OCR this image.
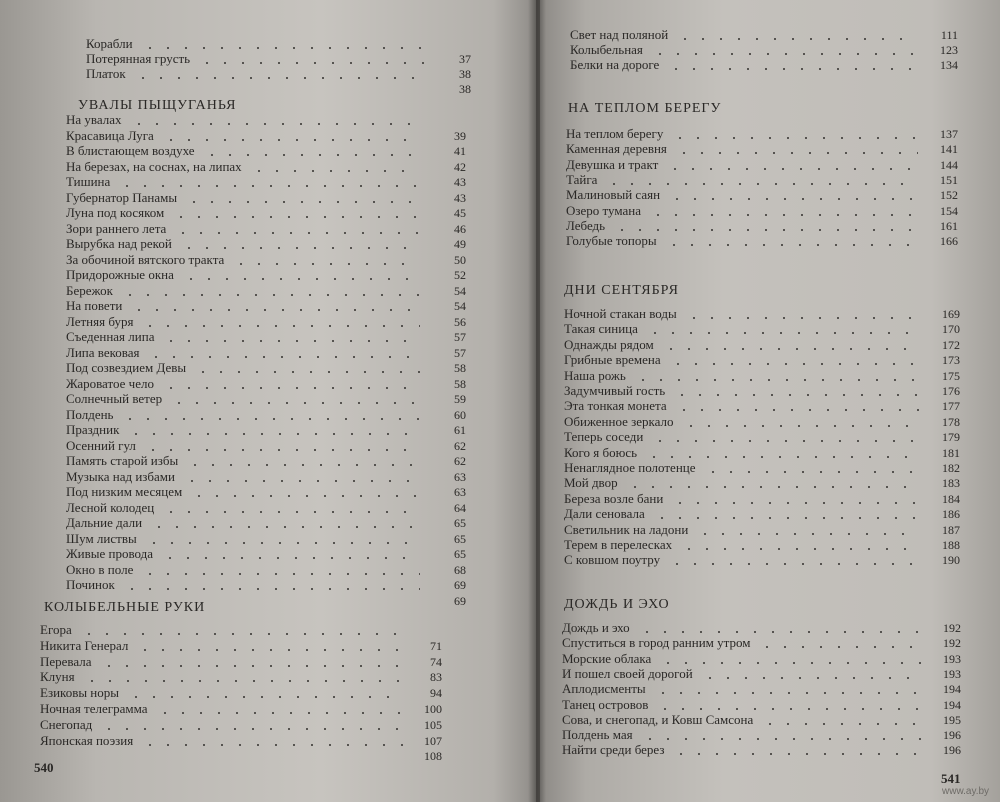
Корабли
Потерянная грусть	37
Платок	38
38
УВАЛЫ ПЫЩУГАНЬЯ
На увалах
Красавица Луга	39
В блистающем воздухе	41
На березах, на соснах, на липах	42
Тишина	43
Губернатор Панамы	43
Луна под косяком	45
Зори раннего лета	46
Вырубка над рекой	49
За обочиной вятского тракта	50
Придорожные окна	52
Бережок	54
На повети	54
Летняя буря	56
Съеденная липа	57
Липа вековая	57
Под созвездием Девы	58
Жароватое чело	58
Солнечный ветер	59
Полдень	60
Праздник	61
Осенний гул	62
Память старой избы	62
Музыка над избами	63
Под низким месяцем	63
Лесной колодец	64
Дальние дали	65
Шум листвы	65
Живые провода	65
Окно в поле	68
Починок	69
69
КОЛЫБЕЛЬНЫЕ РУКИ
Егора
Никита Генерал	71
Перевала	74
Клуня	83
Езиковы норы	94
Ночная телеграмма	100
Снегопад	105
Японская поэзия	107
108
540
Свет над поляной	111
Колыбельная	123
Белки на дороге	134
НА ТЕПЛОМ БЕРЕГУ
На теплом берегу	137
Каменная деревня	141
Девушка и тракт	144
Тайга	151
Малиновый саян	152
Озеро тумана	154
Лебедь	161
Голубые топоры	166
ДНИ СЕНТЯБРЯ
Ночной стакан воды	169
Такая синица	170
Однажды рядом	172
Грибные времена	173
Наша рожь	175
Задумчивый гость	176
Эта тонкая монета	177
Обиженное зеркало	178
Теперь соседи	179
Кого я боюсь	181
Ненаглядное полотенце	182
Мой двор	183
Береза возле бани	184
Дали сеновала	186
Светильник на ладони	187
Терем в перелесках	188
С ковшом поутру	190
ДОЖДЬ И ЭХО
Дождь и эхо	192
Спуститься в город ранним утром	192
Морские облака	193
И пошел своей дорогой	193
Аплодисменты	194
Танец островов	194
Сова, и снегопад, и Ковш Самсона	195
Полдень мая	196
Найти среди берез	196
541
www.ay.by
